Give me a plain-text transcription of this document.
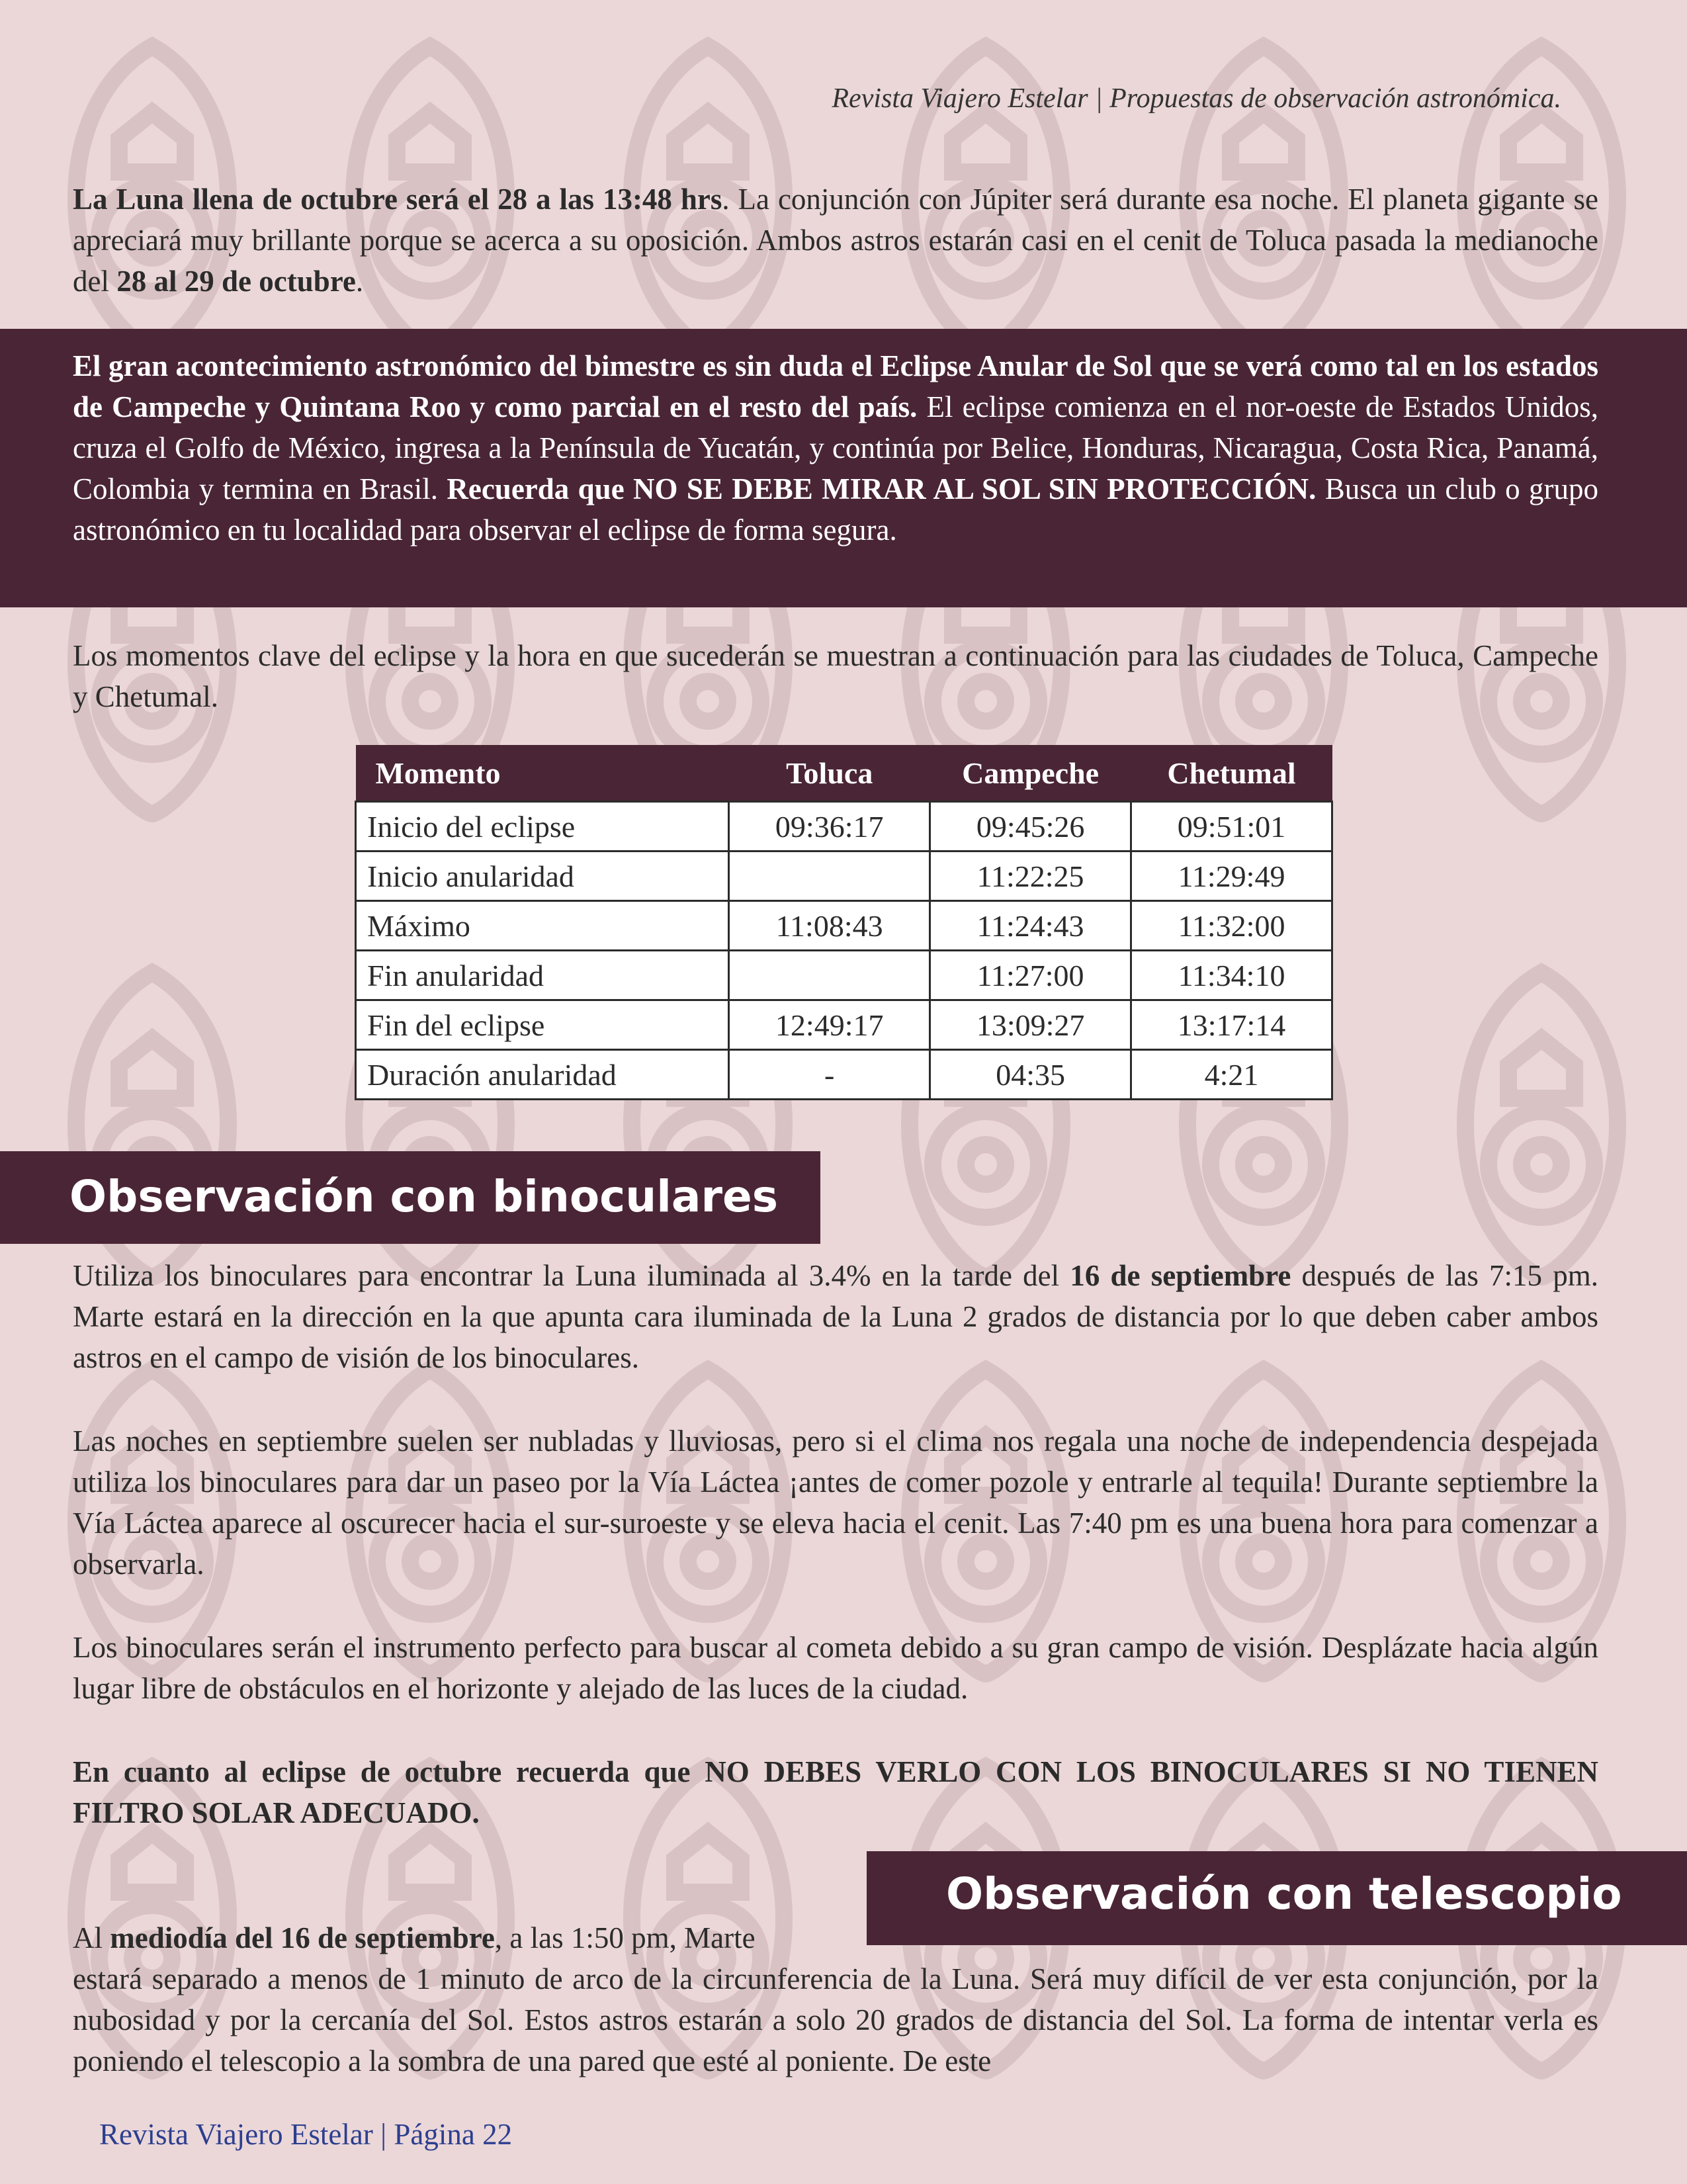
Revista Viajero Estelar | Propuestas de observación astronómica.
La Luna llena de octubre será el 28 a las 13:48 hrs. La conjunción con Júpiter será durante esa noche. El planeta gigante se apreciará muy brillante porque se acerca a su oposición. Ambos astros estarán casi en el cenit de Toluca pasada la medianoche del 28 al 29 de octubre.
El gran acontecimiento astronómico del bimestre es sin duda el Eclipse Anular de Sol que se verá como tal en los estados de Campeche y Quintana Roo y como parcial en el resto del país. El eclipse comienza en el nor-oeste de Estados Unidos, cruza el Golfo de México, ingresa a la Península de Yucatán, y continúa por Belice, Honduras, Nicaragua, Costa Rica, Panamá, Colombia y termina en Brasil. Recuerda que NO SE DEBE MIRAR AL SOL SIN PROTECCIÓN. Busca un club o grupo astronómico en tu localidad para observar el eclipse de forma segura.
Los momentos clave del eclipse y la hora en que sucederán se muestran a continuación para las ciudades de Toluca, Campeche y Chetumal.
Momento	Toluca	Campeche	Chetumal
Inicio del eclipse	09:36:17	09:45:26	09:51:01
Inicio anularidad		11:22:25	11:29:49
Máximo	11:08:43	11:24:43	11:32:00
Fin anularidad		11:27:00	11:34:10
Fin del eclipse	12:49:17	13:09:27	13:17:14
Duración anularidad	-	04:35	4:21
Observación con binoculares
Utiliza los binoculares para encontrar la Luna iluminada al 3.4% en la tarde del 16 de septiembre después de las 7:15 pm. Marte estará en la dirección en la que apunta cara iluminada de la Luna 2 grados de distancia por lo que deben caber ambos astros en el campo de visión de los binoculares.
Las noches en septiembre suelen ser nubladas y lluviosas, pero si el clima nos regala una noche de independencia despejada utiliza los binoculares para dar un paseo por la Vía Láctea ¡antes de comer pozole y entrarle al tequila! Durante septiembre la Vía Láctea aparece al oscurecer hacia el sur-suroeste y se eleva hacia el cenit. Las 7:40 pm es una buena hora para comenzar a observarla.
Los binoculares serán el instrumento perfecto para buscar al cometa debido a su gran campo de visión. Desplázate hacia algún lugar libre de obstáculos en el horizonte y alejado de las luces de la ciudad.
En cuanto al eclipse de octubre recuerda que NO DEBES VERLO CON LOS BINOCULARES SI NO TIENEN FILTRO SOLAR ADECUADO.
Observación con telescopio
Al mediodía del 16 de septiembre, a las 1:50 pm, Marte
estará separado a menos de 1 minuto de arco de la circunferencia de la Luna. Será muy difícil de ver esta conjunción, por la nubosidad y por la cercanía del Sol. Estos astros estarán a solo 20 grados de distancia del Sol. La forma de intentar verla es poniendo el telescopio a la sombra de una pared que esté al poniente. De este
Revista Viajero Estelar | Página 22
